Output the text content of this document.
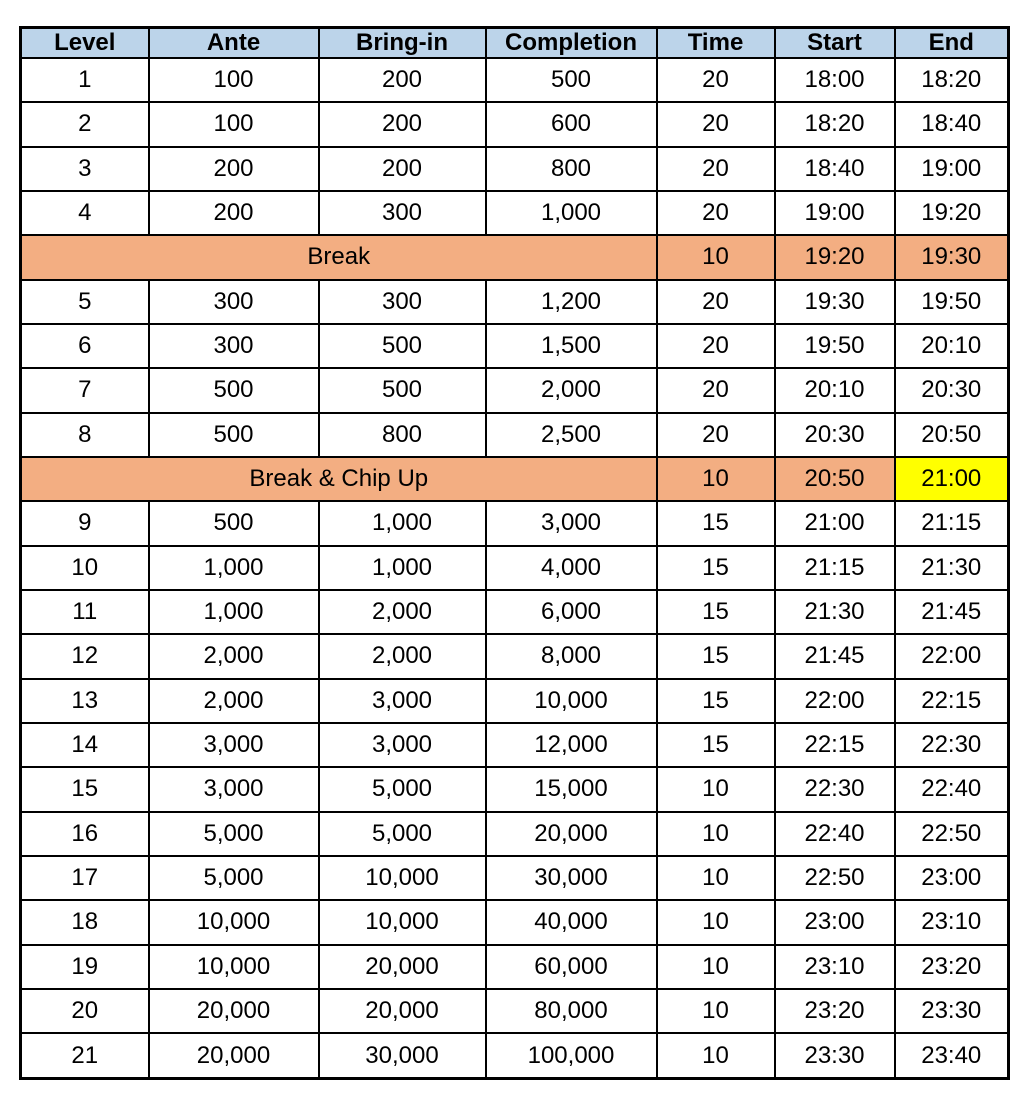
Level	Ante	Bring-in	Completion	Time	Start	End
1	100	200	500	20	18:00	18:20
2	100	200	600	20	18:20	18:40
3	200	200	800	20	18:40	19:00
4	200	300	1,000	20	19:00	19:20
Break				10	19:20	19:30
5	300	300	1,200	20	19:30	19:50
6	300	500	1,500	20	19:50	20:10
7	500	500	2,000	20	20:10	20:30
8	500	800	2,500	20	20:30	20:50
Break & Chip Up				10	20:50	21:00
9	500	1,000	3,000	15	21:00	21:15
10	1,000	1,000	4,000	15	21:15	21:30
11	1,000	2,000	6,000	15	21:30	21:45
12	2,000	2,000	8,000	15	21:45	22:00
13	2,000	3,000	10,000	15	22:00	22:15
14	3,000	3,000	12,000	15	22:15	22:30
15	3,000	5,000	15,000	10	22:30	22:40
16	5,000	5,000	20,000	10	22:40	22:50
17	5,000	10,000	30,000	10	22:50	23:00
18	10,000	10,000	40,000	10	23:00	23:10
19	10,000	20,000	60,000	10	23:10	23:20
20	20,000	20,000	80,000	10	23:20	23:30
21	20,000	30,000	100,000	10	23:30	23:40
